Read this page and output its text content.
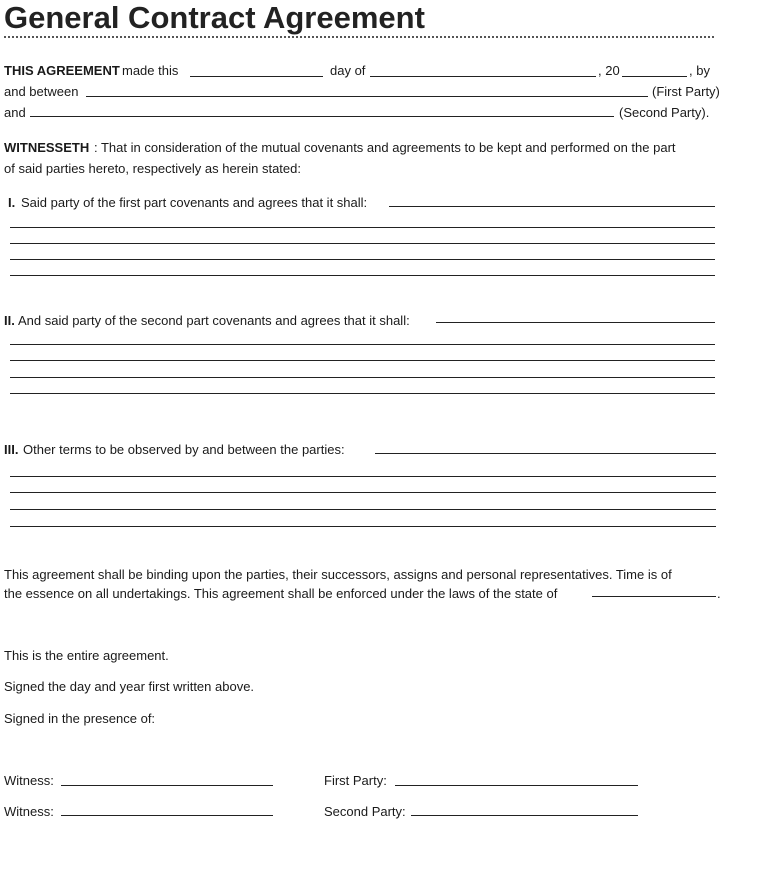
General Contract Agreement
THIS AGREEMENT made this	day of	, 20	, by
and between	(First Party)
and	(Second Party).
WITNESSETH : That in consideration of the mutual covenants and agreements to be kept and performed on the part
of said parties hereto, respectively as herein stated:
I. Said party of the first part covenants and agrees that it shall:
II. And said party of the second part covenants and agrees that it shall:
III. Other terms to be observed by and between the parties:
This agreement shall be binding upon the parties, their successors, assigns and personal representatives. Time is of
the essence on all undertakings. This agreement shall be enforced under the laws of the state of	.
This is the entire agreement.
Signed the day and year first written above.
Signed in the presence of:
Witness:	First Party:
Witness:	Second Party:
